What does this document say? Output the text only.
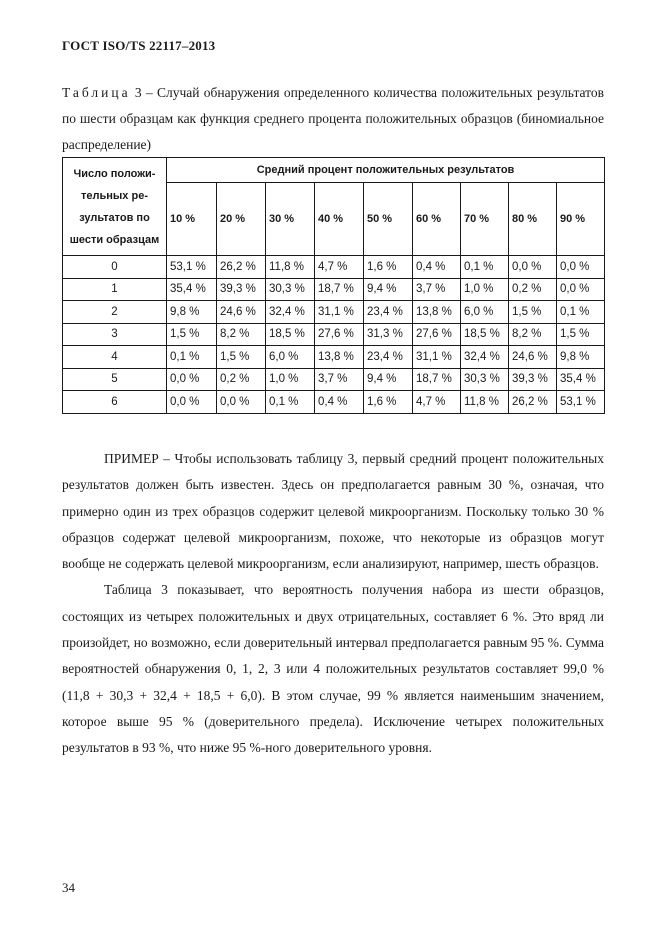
ГОСТ ISO/TS 22117–2013
Таблица 3 – Случай обнаружения определенного количества положительных результатов по шести образцам как функция среднего процента положительных образцов (биномиальное распределение)
Число положи-тельных ре-зультатов по шести образцам	Средний процент положительных результатов								
	10 %	20 %	30 %	40 %	50 %	60 %	70 %	80 %	90 %
0	53,1 %	26,2 %	11,8 %	4,7 %	1,6 %	0,4 %	0,1 %	0,0 %	0,0 %
1	35,4 %	39,3 %	30,3 %	18,7 %	9,4 %	3,7 %	1,0 %	0,2 %	0,0 %
2	9,8 %	24,6 %	32,4 %	31,1 %	23,4 %	13,8 %	6,0 %	1,5 %	0,1 %
3	1,5 %	8,2 %	18,5 %	27,6 %	31,3 %	27,6 %	18,5 %	8,2 %	1,5 %
4	0,1 %	1,5 %	6,0 %	13,8 %	23,4 %	31,1 %	32,4 %	24,6 %	9,8 %
5	0,0 %	0,2 %	1,0 %	3,7 %	9,4 %	18,7 %	30,3 %	39,3 %	35,4 %
6	0,0 %	0,0 %	0,1 %	0,4 %	1,6 %	4,7 %	11,8 %	26,2 %	53,1 %

ПРИМЕР – Чтобы использовать таблицу 3, первый средний процент положительных результатов должен быть известен. Здесь он предполагается равным 30 %, означая, что примерно один из трех образцов содержит целевой микроорганизм. Поскольку только 30 % образцов содержат целевой микроорганизм, похоже, что некоторые из образцов могут вообще не содержать целевой микроорганизм, если анализируют, например, шесть образцов.

Таблица 3 показывает, что вероятность получения набора из шести образцов, состоящих из четырех положительных и двух отрицательных, составляет 6 %. Это вряд ли произойдет, но возможно, если доверительный интервал предполагается равным 95 %. Сумма вероятностей обнаружения 0, 1, 2, 3 или 4 положительных результатов составляет 99,0 % (11,8 + 30,3 + 32,4 + 18,5 + 6,0). В этом случае, 99 % является наименьшим значением, которое выше 95 % (доверительного предела). Исключение четырех положительных результатов в 93 %, что ниже 95 %-ного доверительного уровня.

34
